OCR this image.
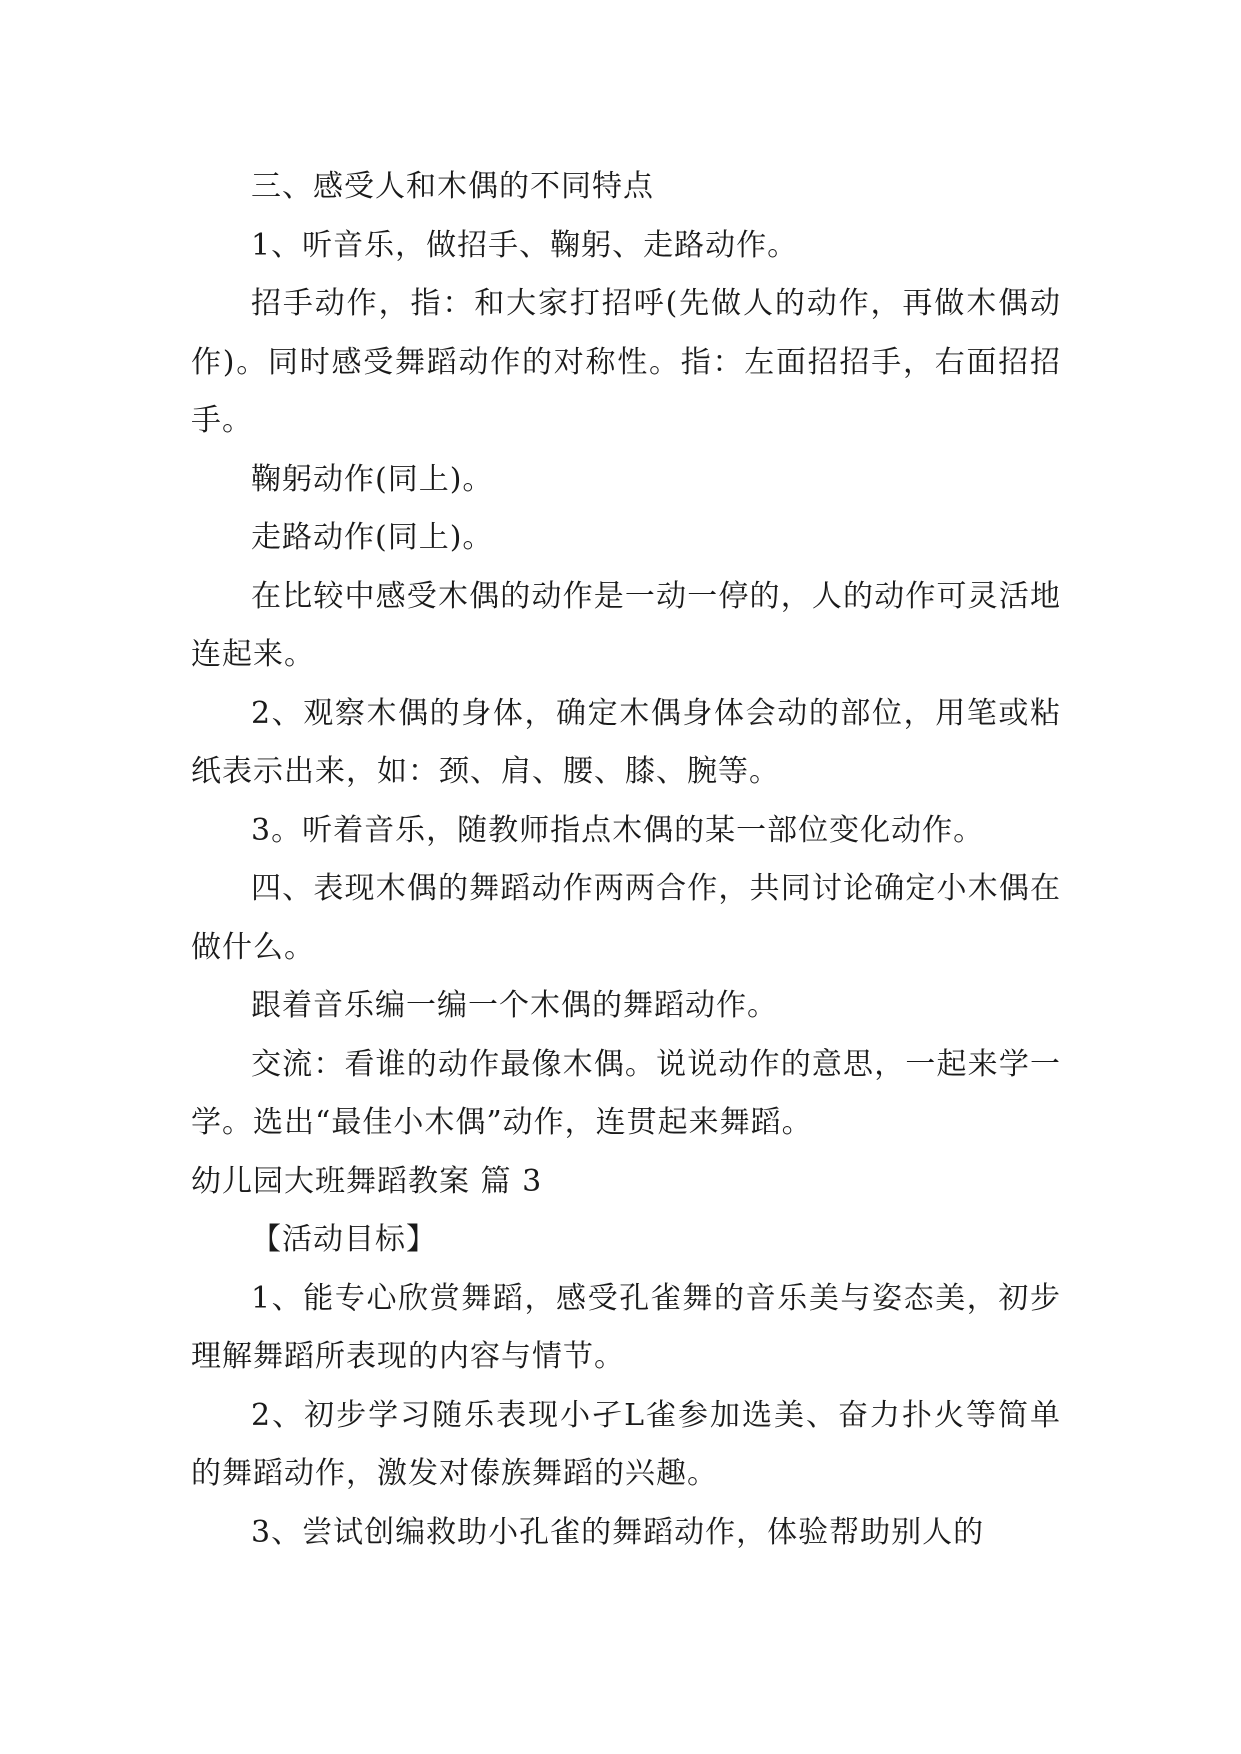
三、感受人和木偶的不同特点

1、听音乐，做招手、鞠躬、走路动作。

招手动作，指：和大家打招呼(先做人的动作，再做木偶动作)。同时感受舞蹈动作的对称性。指：左面招招手，右面招招手。

鞠躬动作(同上)。

走路动作(同上)。

在比较中感受木偶的动作是一动一停的，人的动作可灵活地连起来。

2、观察木偶的身体，确定木偶身体会动的部位，用笔或粘纸表示出来，如：颈、肩、腰、膝、腕等。

3。听着音乐，随教师指点木偶的某一部位变化动作。

四、表现木偶的舞蹈动作两两合作，共同讨论确定小木偶在做什么。

跟着音乐编一编一个木偶的舞蹈动作。

交流：看谁的动作最像木偶。说说动作的意思，一起来学一学。选出“最佳小木偶”动作，连贯起来舞蹈。

幼儿园大班舞蹈教案 篇 3

【活动目标】

1、能专心欣赏舞蹈，感受孔雀舞的音乐美与姿态美，初步理解舞蹈所表现的内容与情节。

2、初步学习随乐表现小孑L雀参加选美、奋力扑火等简单的舞蹈动作，激发对傣族舞蹈的兴趣。

3、尝试创编救助小孔雀的舞蹈动作，体验帮助别人的
